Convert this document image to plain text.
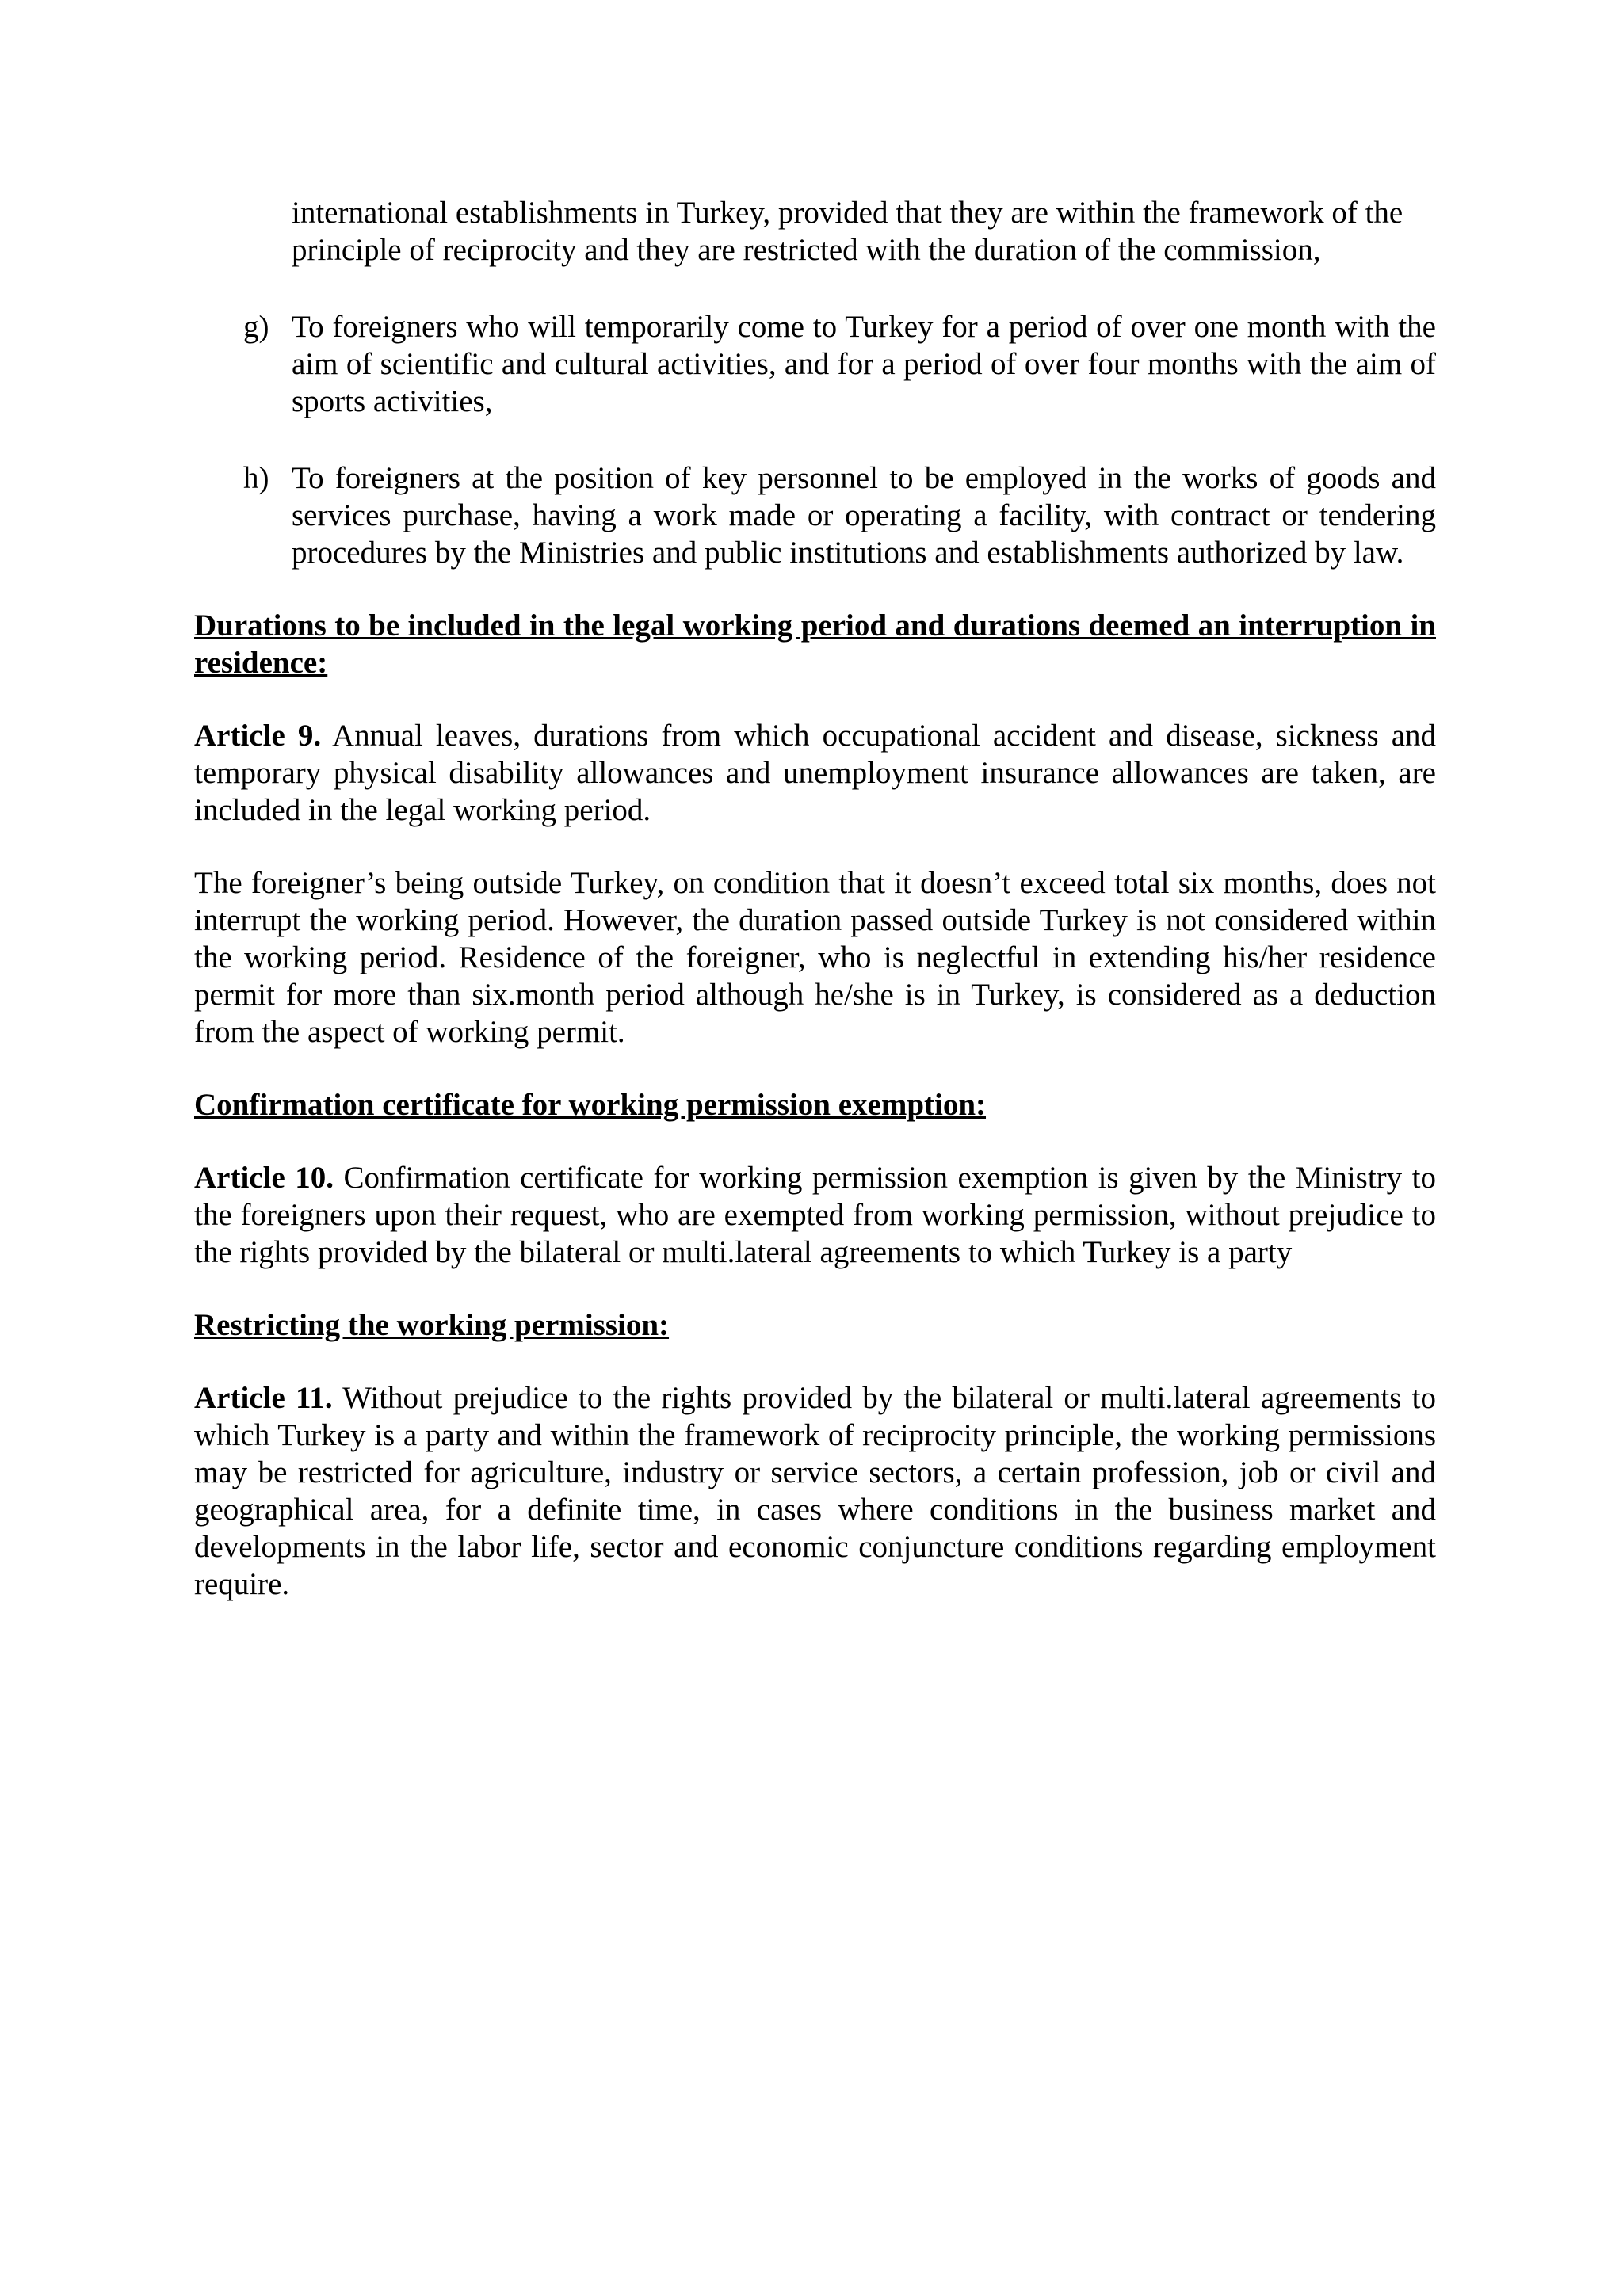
international establishments in Turkey, provided that they are within the framework of the principle of reciprocity and they are restricted with the duration of the commission,

g) To foreigners who will temporarily come to Turkey for a period of over one month with the aim of scientific and cultural activities, and for a period of over four months with the aim of sports activities,
h) To foreigners at the position of key personnel to be employed in the works of goods and services purchase, having a work made or operating a facility, with contract or tendering procedures by the Ministries and public institutions and establishments authorized by law.

Durations to be included in the legal working period and durations deemed an interruption in residence:

Article 9. Annual leaves, durations from which occupational accident and disease, sickness and temporary physical disability allowances and unemployment insurance allowances are taken, are included in the legal working period.

The foreigner’s being outside Turkey, on condition that it doesn’t exceed total six months, does not interrupt the working period. However, the duration passed outside Turkey is not considered within the working period. Residence of the foreigner, who is neglectful in extending his/her residence permit for more than six.month period although he/she is in Turkey, is considered as a deduction from the aspect of working permit.

Confirmation certificate for working permission exemption:

Article 10. Confirmation certificate for working permission exemption is given by the Ministry to the foreigners upon their request, who are exempted from working permission, without prejudice to the rights provided by the bilateral or multi.lateral agreements to which Turkey is a party

Restricting the working permission:

Article 11. Without prejudice to the rights provided by the bilateral or multi.lateral agreements to which Turkey is a party and within the framework of reciprocity principle, the working permissions may be restricted for agriculture, industry or service sectors, a certain profession, job or civil and geographical area, for a definite time, in cases where conditions in the business market and developments in the labor life, sector and economic conjuncture conditions regarding employment require.
